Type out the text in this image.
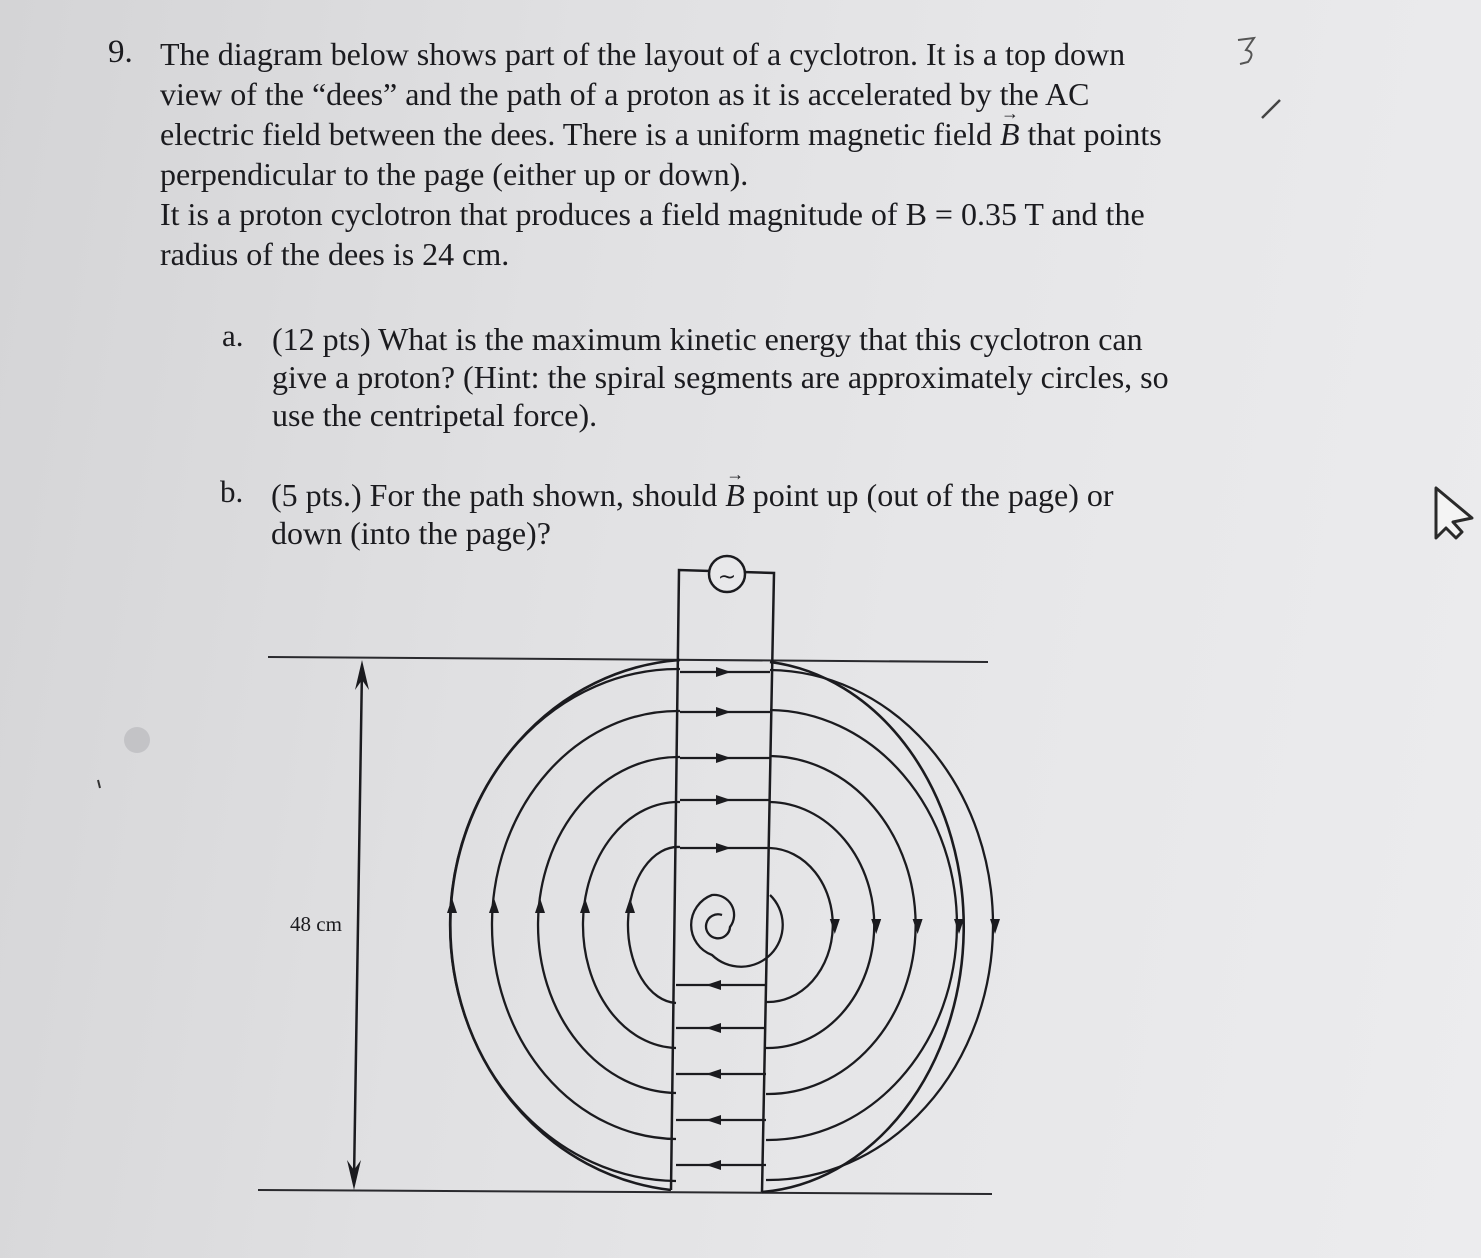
9. The diagram below shows part of the layout of a cyclotron. It is a top down
view of the “dees” and the path of a proton as it is accelerated by the AC
electric field between the dees. There is a uniform magnetic field → B that points
perpendicular to the page (either up or down).
It is a proton cyclotron that produces a field magnitude of B = 0.35 T and the
radius of the dees is 24 cm.
a. (12 pts) What is the maximum kinetic energy that this cyclotron can
give a proton? (Hint: the spiral segments are approximately circles, so
use the centripetal force).
b. (5 pts.) For the path shown, should → B point up (out of the page) or
down (into the page)?
48 cm
~
